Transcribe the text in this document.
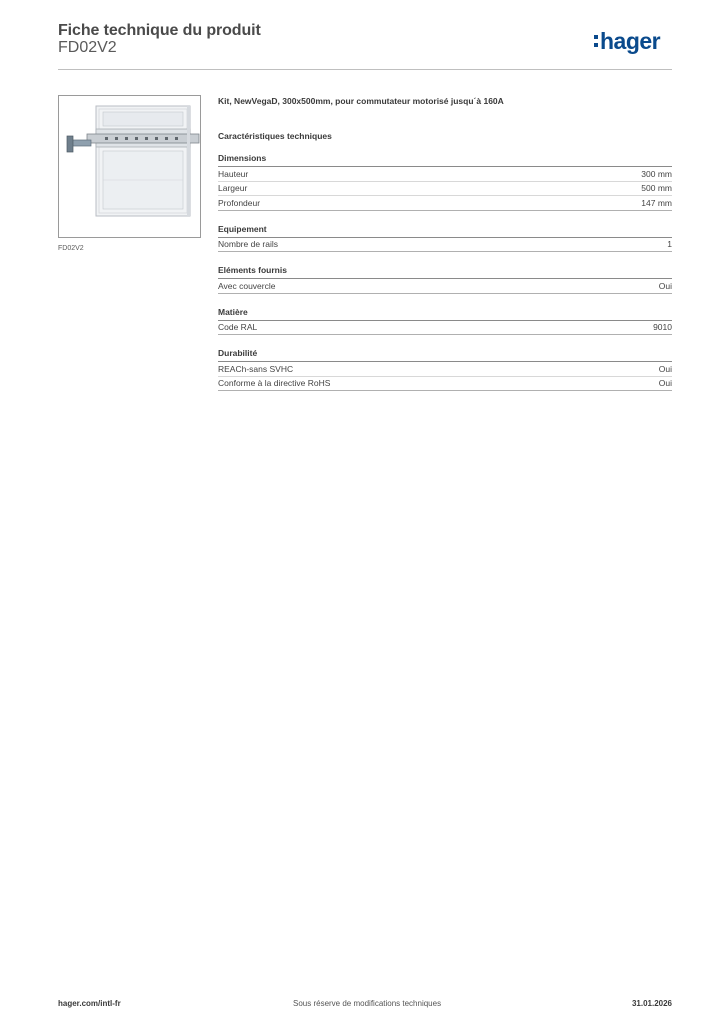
Fiche technique du produit
FD02V2	hager
FD02V2
Kit, NewVegaD, 300x500mm, pour commutateur motorisé jusqu´à 160A
Caractéristiques techniques
Dimensions
Hauteur	300 mm
Largeur	500 mm
Profondeur	147 mm
Equipement
Nombre de rails	1
Eléments fournis
Avec couvercle	Oui
Matière
Code RAL	9010
Durabilité
REACh-sans SVHC	Oui
Conforme à la directive RoHS	Oui
hager.com/intl-fr	Sous réserve de modifications techniques	31.01.2026
